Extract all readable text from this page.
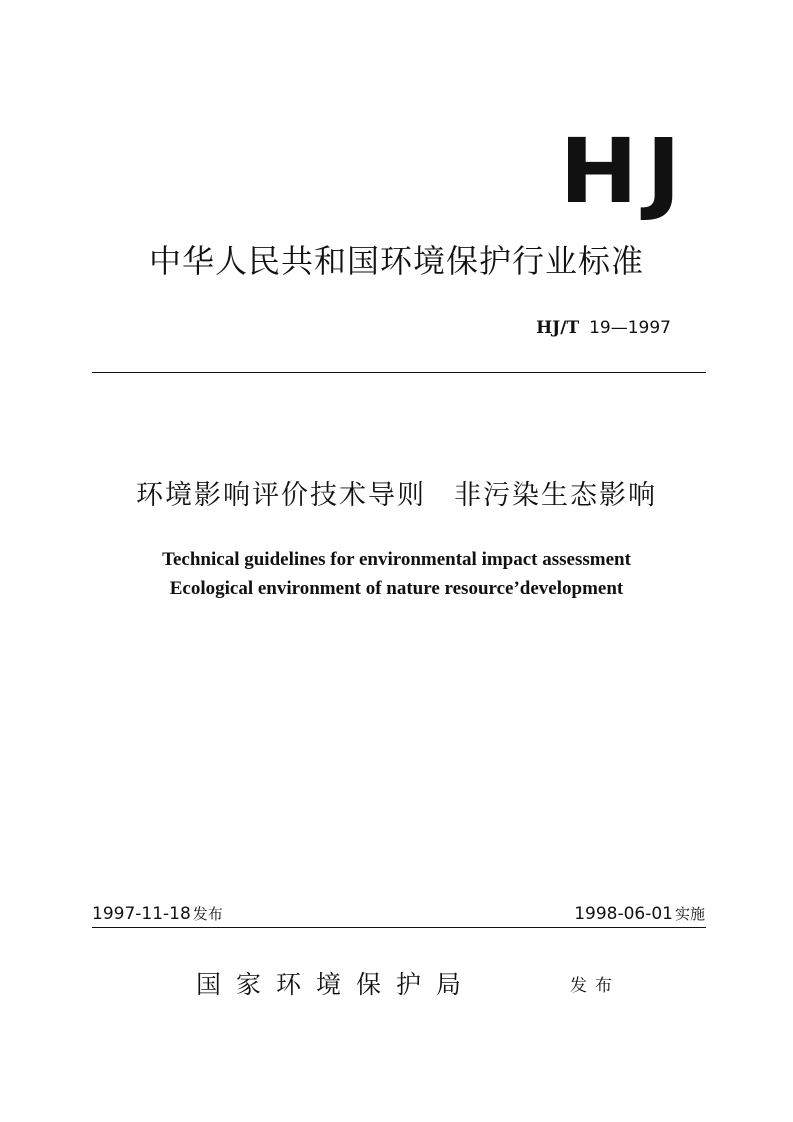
HJ
中华人民共和国环境保护行业标准
HJ/T 19—1997
环境影响评价技术导则 非污染生态影响
Technical guidelines for environmental impact assessment
Ecological environment of nature resource’development
1997-11-18 发布	1998-06-01 实施
国家环境保护局	发布
